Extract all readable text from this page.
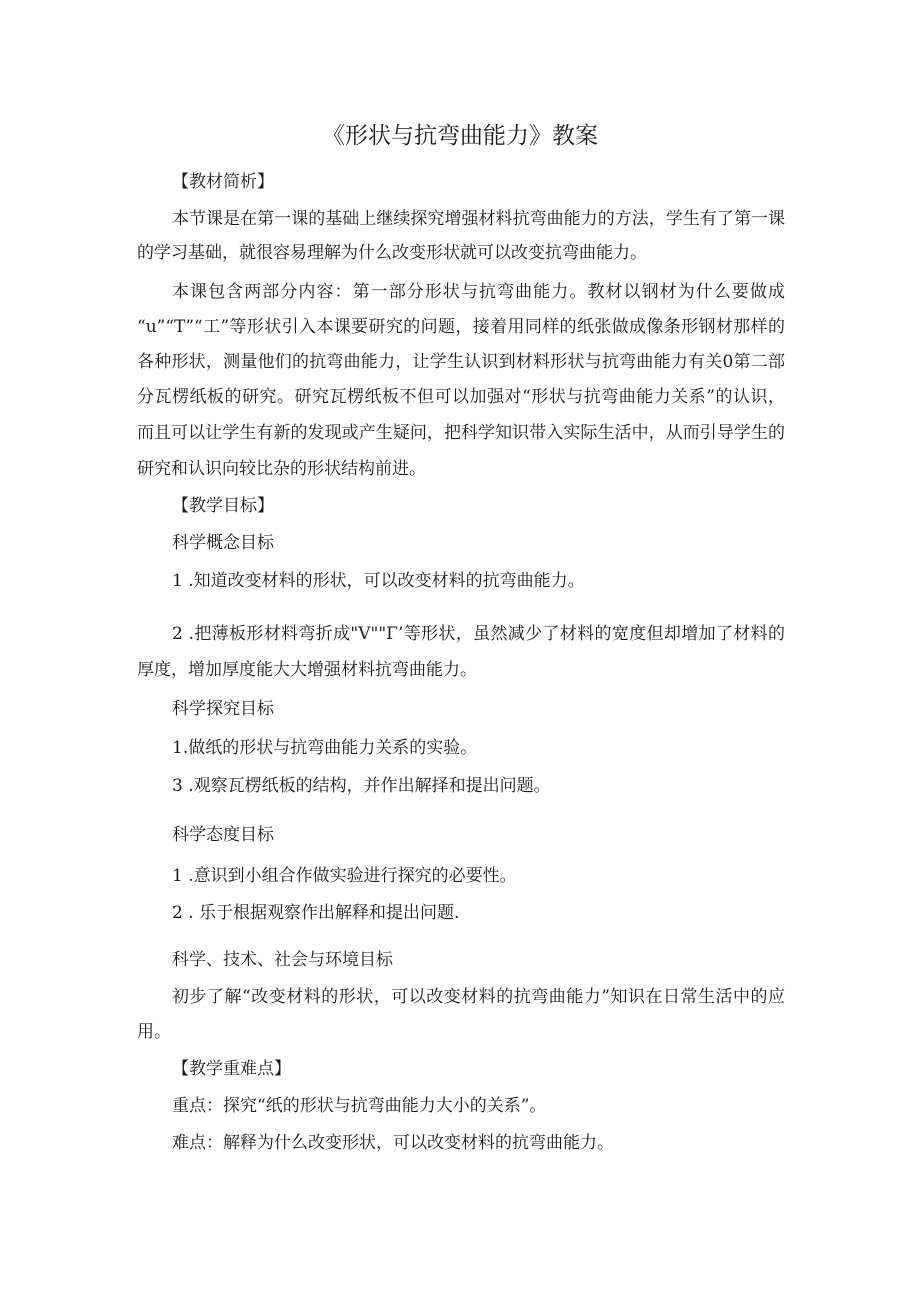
《形状与抗弯曲能力》教案

【教材简析】

本节课是在第一课的基础上继续探究增强材料抗弯曲能力的方法，学生有了第一课

的学习基础，就很容易理解为什么改变形状就可以改变抗弯曲能力。

本课包含两部分内容：第一部分形状与抗弯曲能力。教材以钢材为什么要做成

“u”“T”“工”等形状引入本课要研究的问题，接着用同样的纸张做成像条形钢材那样的

各种形状，测量他们的抗弯曲能力，让学生认识到材料形状与抗弯曲能力有关0第二部

分瓦楞纸板的研究。研究瓦楞纸板不但可以加强对“形状与抗弯曲能力关系”的认识，

而且可以让学生有新的发现或产生疑问，把科学知识带入实际生活中，从而引导学生的

研究和认识向较比杂的形状结构前进。

【教学目标】

科学概念目标

1 .知道改变材料的形状，可以改变材料的抗弯曲能力。

2 .把薄板形材料弯折成"V""Γ’等形状，虽然减少了材料的宽度但却增加了材料的

厚度，增加厚度能大大增强材料抗弯曲能力。

科学探究目标

1.做纸的形状与抗弯曲能力关系的实验。

3 .观察瓦楞纸板的结构，并作出解择和提出问题。

科学态度目标

1 .意识到小组合作做实验进行探究的必要性。

2 . 乐于根据观察作出解释和提出问题.

科学、技术、社会与环境目标

初步了解“改变材料的形状，可以改变材料的抗弯曲能力”知识在日常生活中的应

用。

【教学重难点】

重点：探究“纸的形状与抗弯曲能力大小的关系”。

难点：解释为什么改变形状，可以改变材料的抗弯曲能力。
